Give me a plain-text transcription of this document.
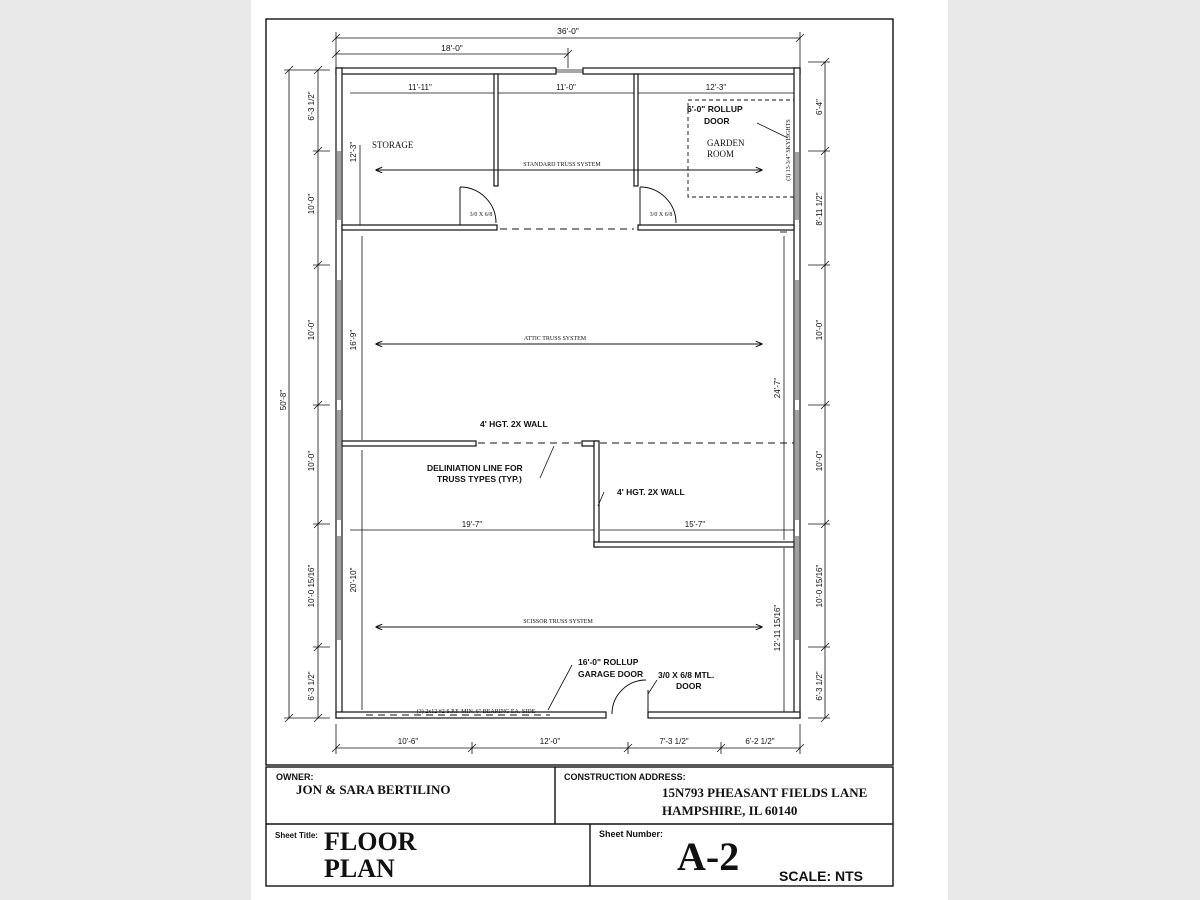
36'-0"
18'-0"
11'-11"	11'-0"	12'-3"
50'-8"
6'-3 1/2"
10'-0"
10'-0"
10'-0"
10'-0 15/16"
6'-3 1/2"
6'-4"
8'-11 1/2"
10'-0"
10'-0"
10'-0 15/16"
6'-3 1/2"
10'-6"	12'-0"	7'-3 1/2"	6'-2 1/2"
12'-3"
16'-9"
20'-10"
24'-7"
12'-11 15/16"
19'-7"	15'-7"
STORAGE	GARDEN
ROOM
STANDARD TRUSS SYSTEM
ATTIC TRUSS SYSTEM
SCISSOR TRUSS SYSTEM
3/0 X 6/8	3/0 X 6/8
6'-0" ROLLUP
DOOR	(3) 13-3/4" SKYLIGHTS
4' HGT. 2X WALL
DELINIATION LINE FOR
TRUSS TYPES (TYP.)
4' HGT. 2X WALL
16'-0" ROLLUP
GARAGE DOOR 3/0 X 6/8 MTL.
DOOR
(3) 2x12 #2 S.P.F. MIN. 6" BEARING EA. SIDE
OWNER:
JON & SARA BERTILINO
CONSTRUCTION ADDRESS:
15N793 PHEASANT FIELDS LANE
HAMPSHIRE, IL 60140
Sheet Title: FLOOR
PLAN
Sheet Number: A-2	SCALE: NTS
